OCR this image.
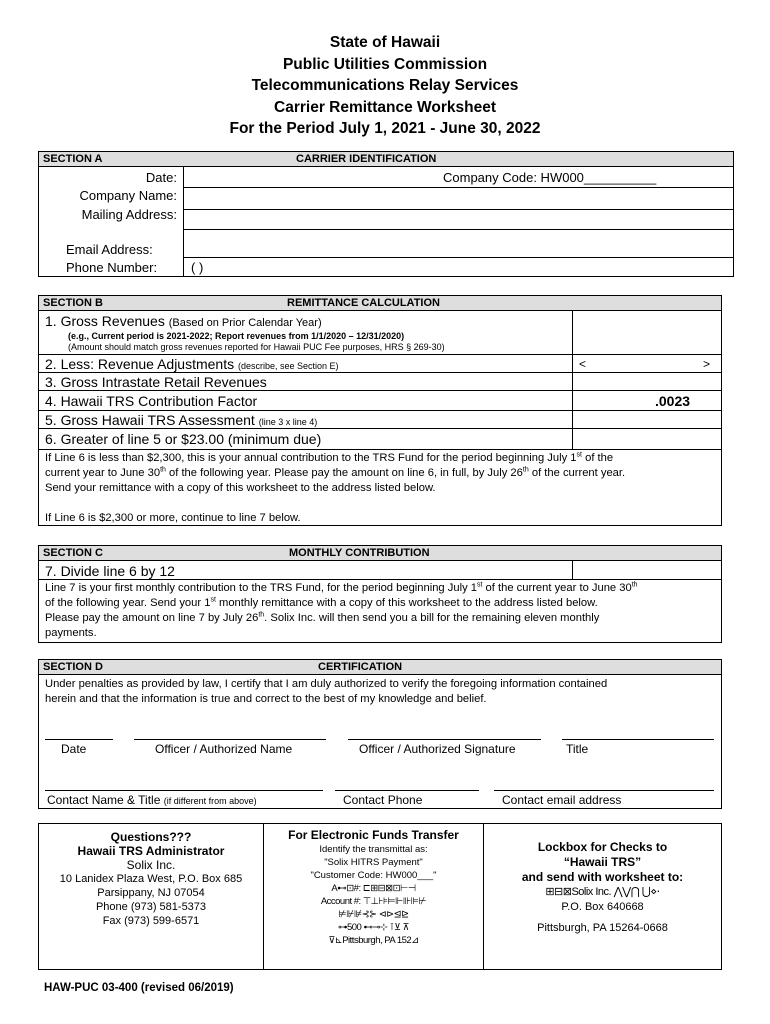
State of Hawaii
Public Utilities Commission
Telecommunications Relay Services
Carrier Remittance Worksheet
For the Period July 1, 2021 - June 30, 2022
SECTION A	CARRIER IDENTIFICATION
Date:	Company Code: HW000__________
Company Name:
Mailing Address:
Email Address:
Phone Number:	( )
SECTION B	REMITTANCE CALCULATION
1. Gross Revenues (Based on Prior Calendar Year)
(e.g., Current period is 2021-2022; Report revenues from 1/1/2020 – 12/31/2020)
(Amount should match gross revenues reported for Hawaii PUC Fee purposes, HRS § 269-30)
2. Less: Revenue Adjustments (describe, see Section E)	<	>
3. Gross Intrastate Retail Revenues
4. Hawaii TRS Contribution Factor	.0023
5. Gross Hawaii TRS Assessment (line 3 x line 4)
6. Greater of line 5 or $23.00 (minimum due)
If Line 6 is less than $2,300, this is your annual contribution to the TRS Fund for the period beginning July 1st of the
current year to June 30th of the following year. Please pay the amount on line 6, in full, by July 26th of the current year.
Send your remittance with a copy of this worksheet to the address listed below.
If Line 6 is $2,300 or more, continue to line 7 below.
SECTION C	MONTHLY CONTRIBUTION
7. Divide line 6 by 12
Line 7 is your first monthly contribution to the TRS Fund, for the period beginning July 1st of the current year to June 30th
of the following year. Send your 1st monthly remittance with a copy of this worksheet to the address listed below.
Please pay the amount on line 7 by July 26th. Solix Inc. will then send you a bill for the remaining eleven monthly
payments.
SECTION D	CERTIFICATION
Under penalties as provided by law, I certify that I am duly authorized to verify the foregoing information contained
herein and that the information is true and correct to the best of my knowledge and belief.
Date	Officer / Authorized Name	Officer / Authorized Signature	Title
Contact Name & Title (if different from above)	Contact Phone	Contact email address
Questions???
Hawaii TRS Administrator
Solix Inc.
10 Lanidex Plaza West, P.O. Box 685
Parsippany, NJ 07054
Phone (973) 581-5373
Fax (973) 599-6571
For Electronic Funds Transfer
Identify the transmittal as:
"Solix HITRS Payment"
"Customer Code: HW000___"
A⊷⊡#: ⊏⊞⊟⊠⊡⊢⊣
Account #: ⊤⊥⊦⊧⊨⊩⊪⊫⊬
⊭⊮⊯⊰⊱ ⊲⊳⊴⊵
⊶500 ⊷⊸⊹ ⊺⊻ ⊼
⊽⊾Pittsburgh, PA 152⊿
Lockbox for Checks to
“Hawaii TRS”
and send with worksheet to:
⊞⊟⊠Solix Inc. ⋀⋁⋂ ⋃⋄⋅
P.O. Box 640668
Pittsburgh, PA 15264-0668
HAW-PUC 03-400 (revised 06/2019)
